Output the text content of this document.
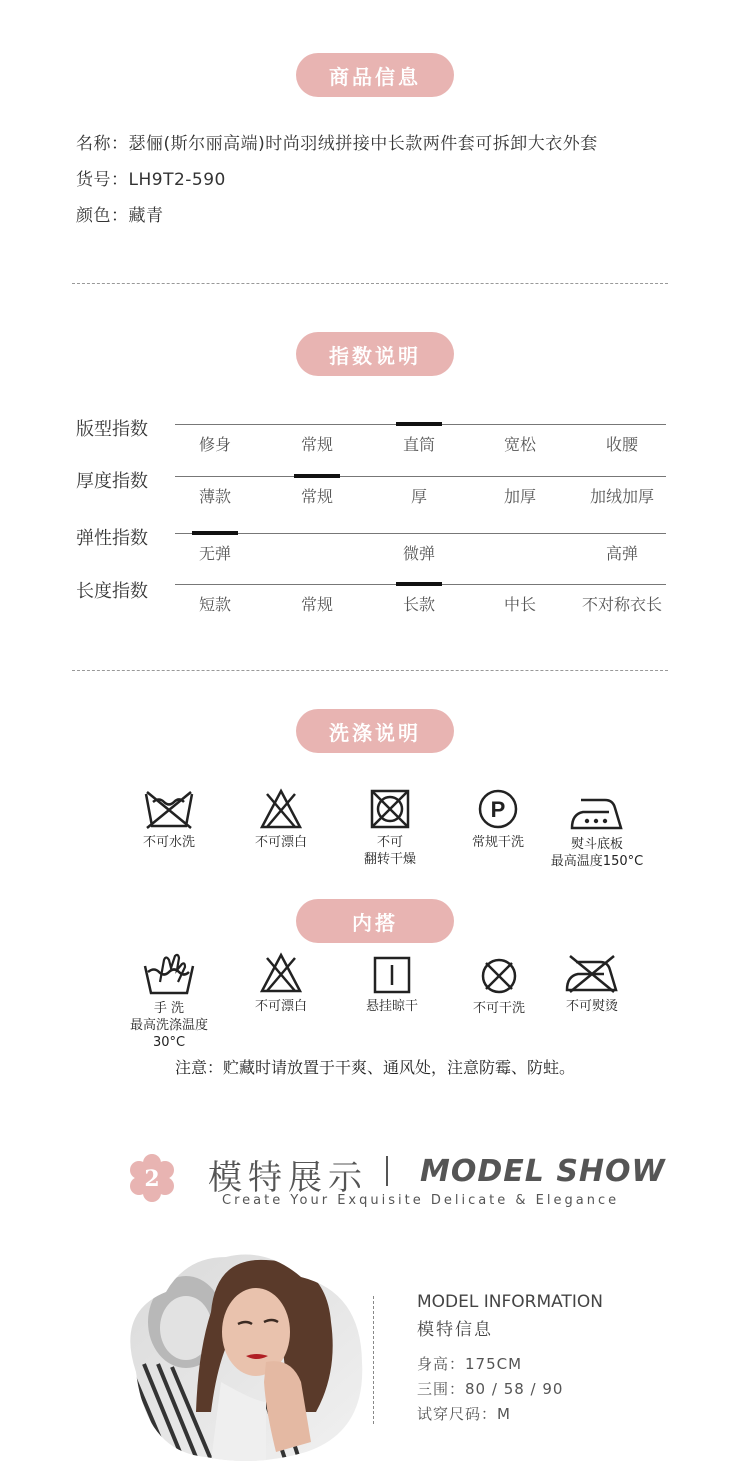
商品信息
名称：瑟俪(斯尔丽高端)时尚羽绒拼接中长款两件套可拆卸大衣外套
货号：LH9T2-590
颜色：藏青
指数说明
版型指数
修身	常规	直筒	宽松	收腰
厚度指数
薄款	常规	厚	加厚	加绒加厚
弹性指数
无弹	微弹	高弹
长度指数
短款	常规	长款	中长	不对称衣长
洗涤说明
不可水洗	不可漂白	不可
翻转干燥
P
常规干洗	熨斗底板
最高温度150°C
内搭
手 洗
最高洗涤温度30°C
不可漂白	悬挂晾干	不可干洗	不可熨烫
注意：贮藏时请放置于干爽、通风处，注意防霉、防蛀。
2 模特展示 MODEL SHOW
Create Your Exquisite Delicate & Elegance
MODEL INFORMATION
模特信息
身高：175CM
三围：80 / 58 / 90
试穿尺码：M
